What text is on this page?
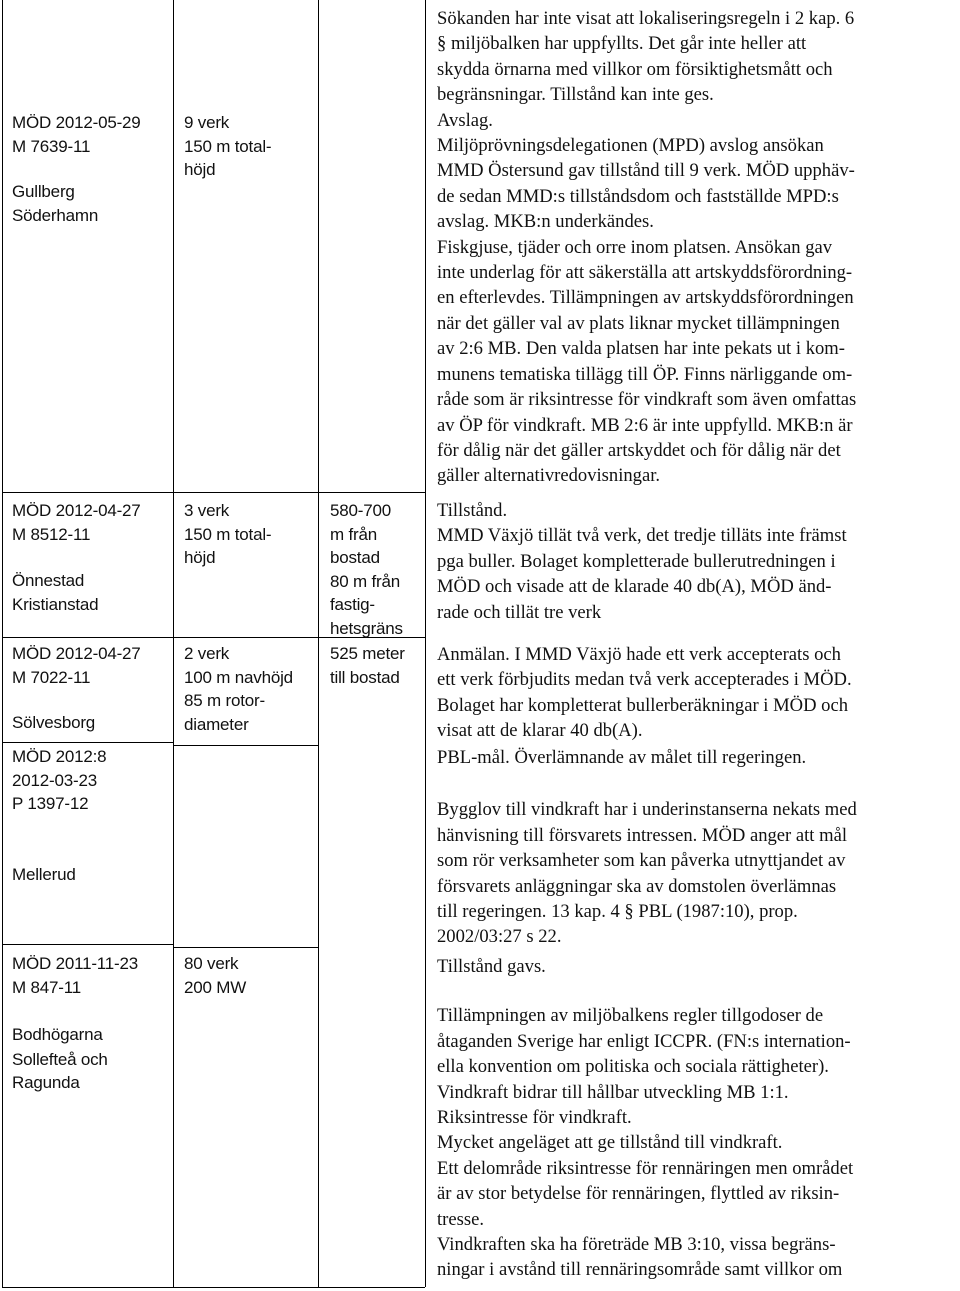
MÖD 2012-05-29
M 7639-11
Gullberg
Söderhamn
9 verk
150 m total-
höjd
Sökanden har inte visat att lokaliseringsregeln i 2 kap. 6
§ miljöbalken har uppfyllts. Det går inte heller att
skydda örnarna med villkor om försiktighetsmått och
begränsningar. Tillstånd kan inte ges.
Avslag.
Miljöprövningsdelegationen (MPD) avslog ansökan
MMD Östersund gav tillstånd till 9 verk. MÖD upphäv-
de sedan MMD:s tillståndsdom och fastställde MPD:s
avslag. MKB:n underkändes.
Fiskgjuse, tjäder och orre inom platsen. Ansökan gav
inte underlag för att säkerställa att artskyddsförordning-
en efterlevdes. Tillämpningen av artskyddsförordningen
när det gäller val av plats liknar mycket tillämpningen
av 2:6 MB. Den valda platsen har inte pekats ut i kom-
munens tematiska tillägg till ÖP. Finns närliggande om-
råde som är riksintresse för vindkraft som även omfattas
av ÖP för vindkraft. MB 2:6 är inte uppfylld. MKB:n är
för dålig när det gäller artskyddet och för dålig när det
gäller alternativredovisningar.
MÖD 2012-04-27
M 8512-11
Önnestad
Kristianstad
3 verk
150 m total-
höjd
580-700
m från
bostad
80 m från
fastig-
hetsgräns
Tillstånd.
MMD Växjö tillät två verk, det tredje tilläts inte främst
pga buller. Bolaget kompletterade bullerutredningen i
MÖD och visade att de klarade 40 db(A), MÖD änd-
rade och tillät tre verk
MÖD 2012-04-27
M 7022-11
Sölvesborg
2 verk
100 m navhöjd
85 m rotor-
diameter
525 meter
till bostad
Anmälan. I MMD Växjö hade ett verk accepterats och
ett verk förbjudits medan två verk accepterades i MÖD.
Bolaget har kompletterat bullerberäkningar i MÖD och
visat att de klarar 40 db(A).
MÖD 2012:8
2012-03-23
P 1397-12
Mellerud
PBL-mål. Överlämnande av målet till regeringen.
Bygglov till vindkraft har i underinstanserna nekats med
hänvisning till försvarets intressen. MÖD anger att mål
som rör verksamheter som kan påverka utnyttjandet av
försvarets anläggningar ska av domstolen överlämnas
till regeringen. 13 kap. 4 § PBL (1987:10), prop.
2002/03:27 s 22.
MÖD 2011-11-23
M 847-11
Bodhögarna
Sollefteå och
Ragunda
80 verk
200 MW
Tillstånd gavs.
Tillämpningen av miljöbalkens regler tillgodoser de
åtaganden Sverige har enligt ICCPR. (FN:s internation-
ella konvention om politiska och sociala rättigheter).
Vindkraft bidrar till hållbar utveckling MB 1:1.
Riksintresse för vindkraft.
Mycket angeläget att ge tillstånd till vindkraft.
Ett delområde riksintresse för rennäringen men området
är av stor betydelse för rennäringen, flyttled av riksin-
tresse.
Vindkraften ska ha företräde MB 3:10, vissa begräns-
ningar i avstånd till rennäringsområde samt villkor om
